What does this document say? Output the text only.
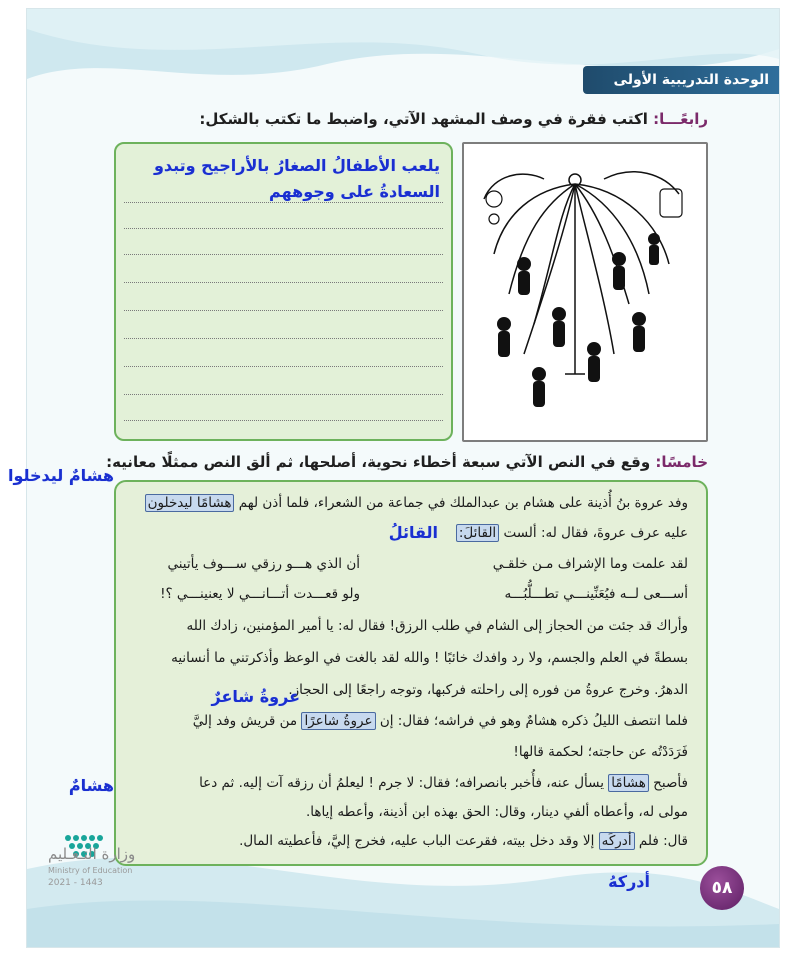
الوحدة التدريبية الأولى
رابعًـــا: اكتب فقرة في وصف المشهد الآتي، واضبط ما تكتب بالشكل:
يلعب الأطفالُ الصغارُ بالأراجيح وتبدو
السعادةُ على وجوههم
خامسًا: وقع في النص الآتي سبعة أخطاء نحوية، أصلحها، ثم ألق النص ممثلًا معانيه:
هشامٌ ليدخلوا
وفد عروة بنُ أُذينة على هشام بن عبدالملك في جماعة من الشعراء، فلما أذن لهم هشامًا ليدخلون
عليه عرف عروةَ، فقال له: ألست القائلَ:
القائلُ
لقد علمت وما الإشراف مـن خلقـي
أن الذي هـــو رزقي ســـوف يأتيني
أســـعى لــه فيُعَنِّينـــي تطـــلُّبُـــه
ولو قعـــدت أتـــانـــي لا يعنينـــي ؟!
وأراك قد جئت من الحجاز إلى الشام في طلب الرزق! فقال له: يا أمير المؤمنين، زادك الله
بسطةً في العلم والجسم، ولا رد وافدك خائبًا ! والله لقد بالغت في الوعظ وأذكرتني ما أنسانيه
الدهرُ. وخرج عروةُ من فوره إلى راحلته فركبها، وتوجه راجعًا إلى الحجاز.
عروةُ شاعرٌ
فلما انتصف الليلُ ذكره هشامٌ وهو في فراشه؛ فقال: إن عروةُ شاعرًا من قريش وفد إليَّ
فَرَدَدْتُه عن حاجته؛ لحكمة قالها!
هشامٌ	فأصبح هشامًا يسأل عنه، فأُخبر بانصرافه؛ فقال: لا جرم ! ليعلمُ أن رزقه آت إليه. ثم دعا
مولى له، وأعطاه ألفي دينار، وقال: الحق بهذه ابن أذينة، وأعطه إياها.
قال: فلم أدركَه إلا وقد دخل بيته، فقرعت الباب عليه، فخرج إليَّ، فأعطيته المال.
أدركهُ
وزارة التـعـليم
Ministry of Education
2021 - 1443	٥٨
